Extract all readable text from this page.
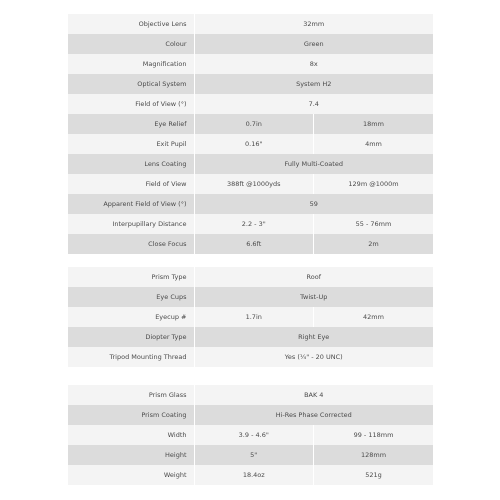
Objective Lens	32mm	
Colour	Green	
Magnification	8x	
Optical System	System H2	
Field of View (°)	7.4	
Eye Relief	0.7in	18mm
Exit Pupil	0.16"	4mm
Lens Coating	Fully Multi-Coated	
Field of View	388ft @1000yds	129m @1000m
Apparent Field of View (°)	59	
Interpupillary Distance	2.2 - 3"	55 - 76mm
Close Focus	6.6ft	2m
Prism Type	Roof	
Eye Cups	Twist-Up	
Eyecup #	1.7in	42mm
Diopter Type	Right Eye	
Tripod Mounting Thread	Yes (¼" - 20 UNC)	
Prism Glass	BAK 4	
Prism Coating	Hi-Res Phase Corrected	
Width	3.9 - 4.6"	99 - 118mm
Height	5"	128mm
Weight	18.4oz	521g
